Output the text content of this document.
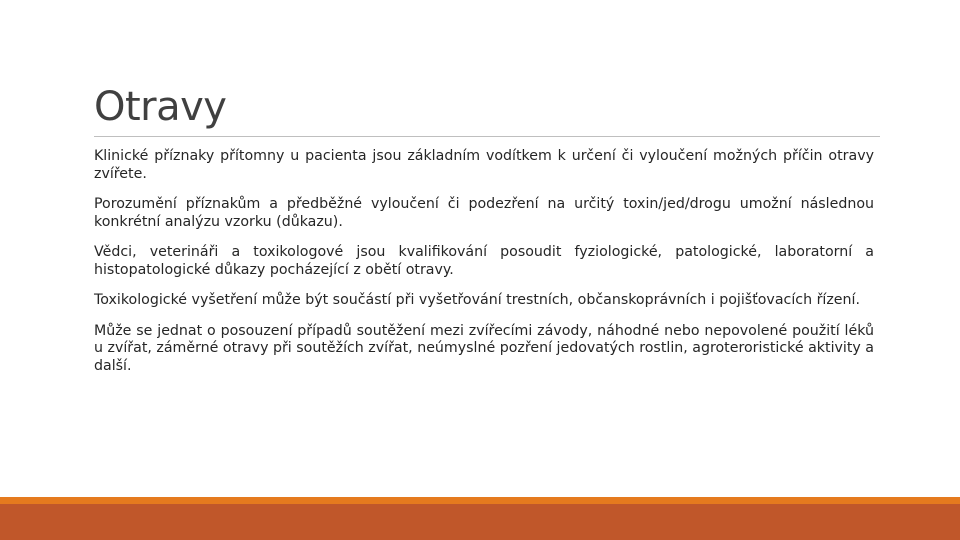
Otravy

Klinické příznaky přítomny u pacienta jsou základním vodítkem k určení či vyloučení možných příčin otravy zvířete.

Porozumění příznakům a předběžné vyloučení či podezření na určitý toxin/jed/drogu umožní následnou konkrétní analýzu vzorku (důkazu).

Vědci, veterináři a toxikologové jsou kvalifikování posoudit fyziologické, patologické, laboratorní a histopatologické důkazy pocházející z obětí otravy.

Toxikologické vyšetření může být součástí při vyšetřování trestních, občanskoprávních i pojišťovacích řízení.

Může se jednat o posouzení případů soutěžení mezi zvířecími závody, náhodné nebo nepovolené použití léků u zvířat, záměrné otravy při soutěžích zvířat, neúmyslné pozření jedovatých rostlin, agroteroristické aktivity a další.
